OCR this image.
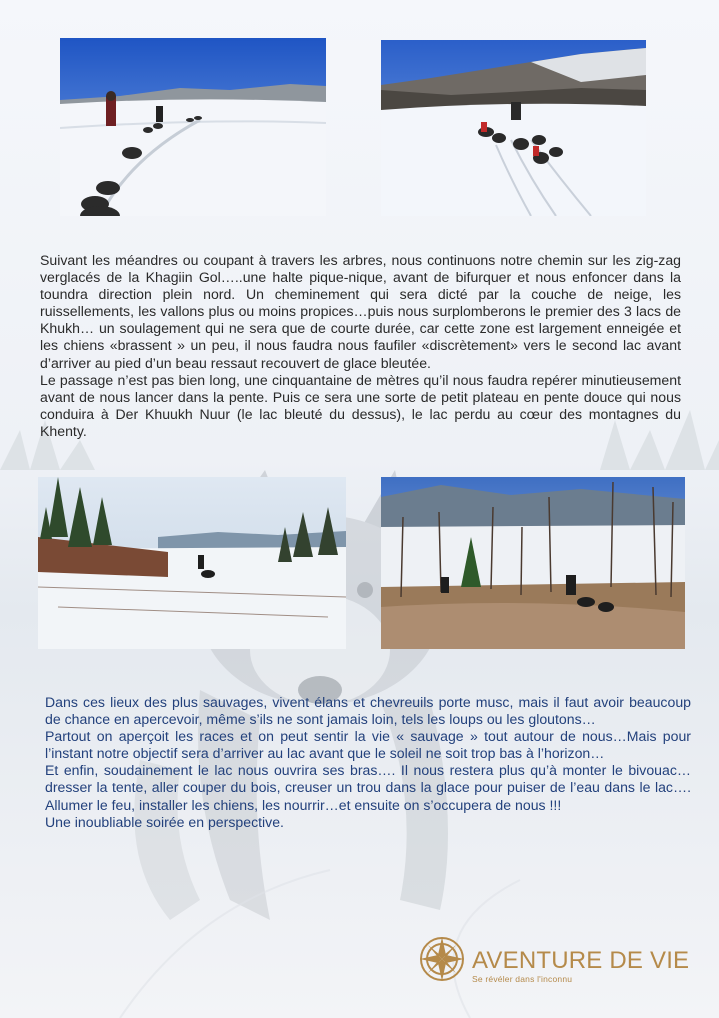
Suivant les méandres ou coupant à travers les arbres, nous continuons notre chemin sur les zig-zag verglacés de la Khagiin Gol…..une halte pique-nique, avant de bifurquer et nous enfoncer dans la toundra direction plein nord. Un cheminement qui sera dicté par la couche de neige, les ruissellements, les vallons plus ou moins propices…puis nous surplomberons le premier des 3 lacs de Khukh… un soulagement qui ne sera que de courte durée, car cette zone est largement enneigée et les chiens «brassent » un peu, il nous faudra nous faufiler «discrètement» vers le second lac avant d’arriver au pied d’un beau ressaut recouvert de glace bleutée.

Le passage n’est pas bien long, une cinquantaine de mètres qu’il nous faudra repérer minutieusement avant de nous lancer dans la pente. Puis ce sera une sorte de petit plateau en pente douce qui nous conduira à Der Khuukh Nuur (le lac bleuté du dessus), le lac perdu au cœur des montagnes du Khenty.

Dans ces lieux des plus sauvages, vivent élans et chevreuils porte musc, mais il faut avoir beaucoup de chance en apercevoir, même s’ils ne sont jamais loin, tels les loups ou les gloutons…

Partout on aperçoit les races et on peut sentir la vie « sauvage » tout autour de nous…Mais pour l’instant notre objectif sera d’arriver au lac avant que le soleil ne soit trop bas à l’horizon…

Et enfin, soudainement le lac nous ouvrira ses bras…. Il nous restera plus qu’à monter le bivouac… dresser la tente, aller couper du bois, creuser un trou dans la glace pour puiser de l’eau dans le lac…. Allumer le feu, installer les chiens, les nourrir…et ensuite on s’occupera de nous !!!

Une inoubliable soirée en perspective.

AVENTURE DE VIE
Se révéler dans l'inconnu
